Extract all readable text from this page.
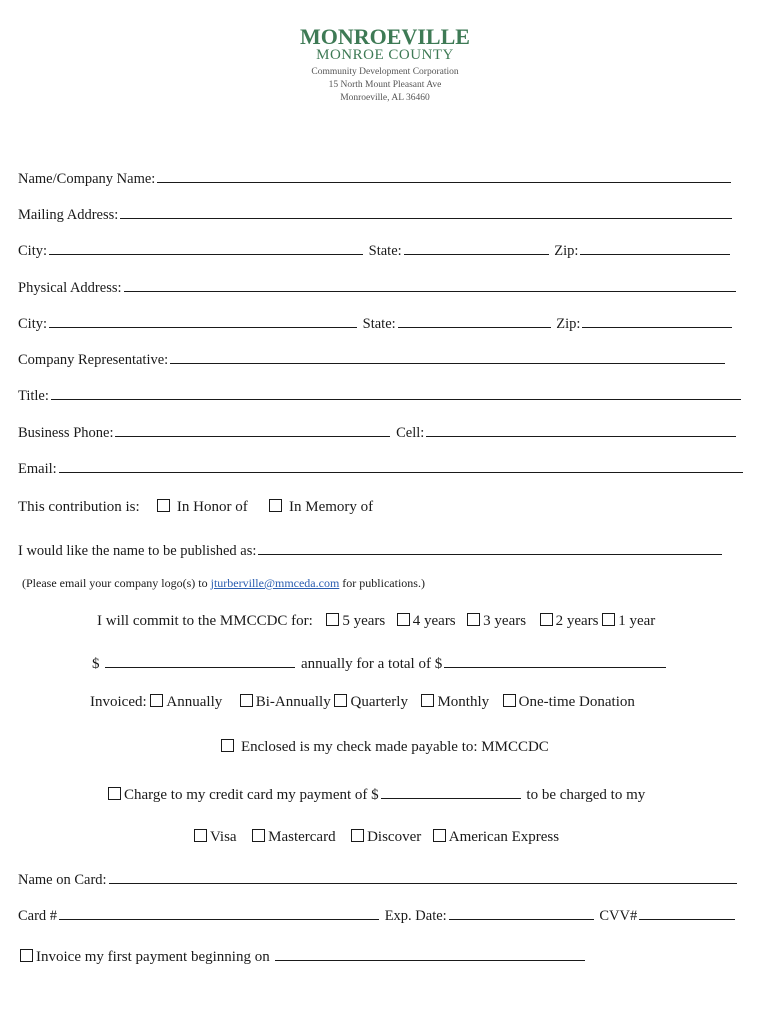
MONROEVILLE
MONROE COUNTY
Community Development Corporation
15 North Mount Pleasant Ave
Monroeville, AL 36460
Name/Company Name:
Mailing Address:
City:	State:	Zip:
Physical Address:
City:	State:	Zip:
Company Representative:
Title:
Business Phone:	Cell:
Email:
This contribution is: In Honor of	In Memory of
I would like the name to be published as:
(Please email your company logo(s) to jturberville@mmceda.com for publications.)
I will commit to the MMCCDC for: 5 years 4 years 3 years 2 years 1 year
$	annually for a total of $
Invoiced: Annually Bi-Annually Quarterly Monthly One-time Donation
Enclosed is my check made payable to: MMCCDC
Charge to my credit card my payment of $	to be charged to my
Visa Mastercard Discover American Express
Name on Card:
Card #	Exp. Date:	CVV#
Invoice my first payment beginning on
